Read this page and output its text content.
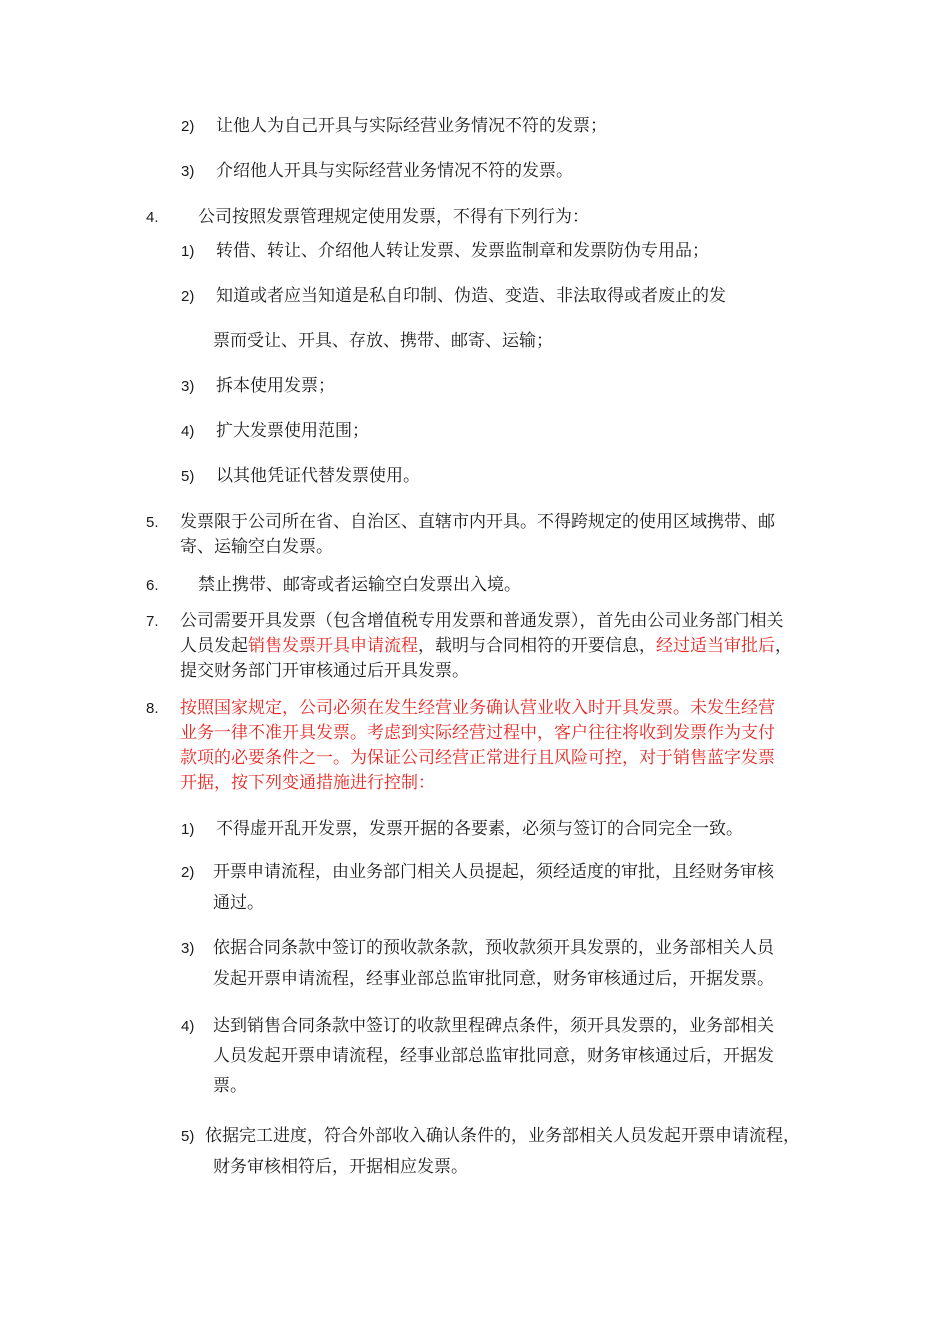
2) 让他人为自己开具与实际经营业务情况不符的发票；
3) 介绍他人开具与实际经营业务情况不符的发票。
4. 公司按照发票管理规定使用发票，不得有下列行为：
1) 转借、转让、介绍他人转让发票、发票监制章和发票防伪专用品；
2) 知道或者应当知道是私自印制、伪造、变造、非法取得或者废止的发
票而受让、开具、存放、携带、邮寄、运输；
3) 拆本使用发票；
4) 扩大发票使用范围；
5) 以其他凭证代替发票使用。
5. 发票限于公司所在省、自治区、直辖市内开具。不得跨规定的使用区域携带、邮
寄、运输空白发票。
6. 禁止携带、邮寄或者运输空白发票出入境。
7. 公司需要开具发票（包含增值税专用发票和普通发票），首先由公司业务部门相关
人员发起销售发票开具申请流程，载明与合同相符的开要信息，经过适当审批后，
提交财务部门开审核通过后开具发票。
8. 按照国家规定，公司必须在发生经营业务确认营业收入时开具发票。未发生经营
业务一律不准开具发票。考虑到实际经营过程中，客户往往将收到发票作为支付
款项的必要条件之一。为保证公司经营正常进行且风险可控，对于销售蓝字发票
开据，按下列变通措施进行控制：
1) 不得虚开乱开发票，发票开据的各要素，必须与签订的合同完全一致。
2) 开票申请流程，由业务部门相关人员提起，须经适度的审批，且经财务审核
通过。
3) 依据合同条款中签订的预收款条款，预收款须开具发票的，业务部相关人员
发起开票申请流程，经事业部总监审批同意，财务审核通过后，开据发票。
4) 达到销售合同条款中签订的收款里程碑点条件，须开具发票的，业务部相关
人员发起开票申请流程，经事业部总监审批同意，财务审核通过后，开据发
票。
5) 依据完工进度，符合外部收入确认条件的，业务部相关人员发起开票申请流程，
财务审核相符后，开据相应发票。
